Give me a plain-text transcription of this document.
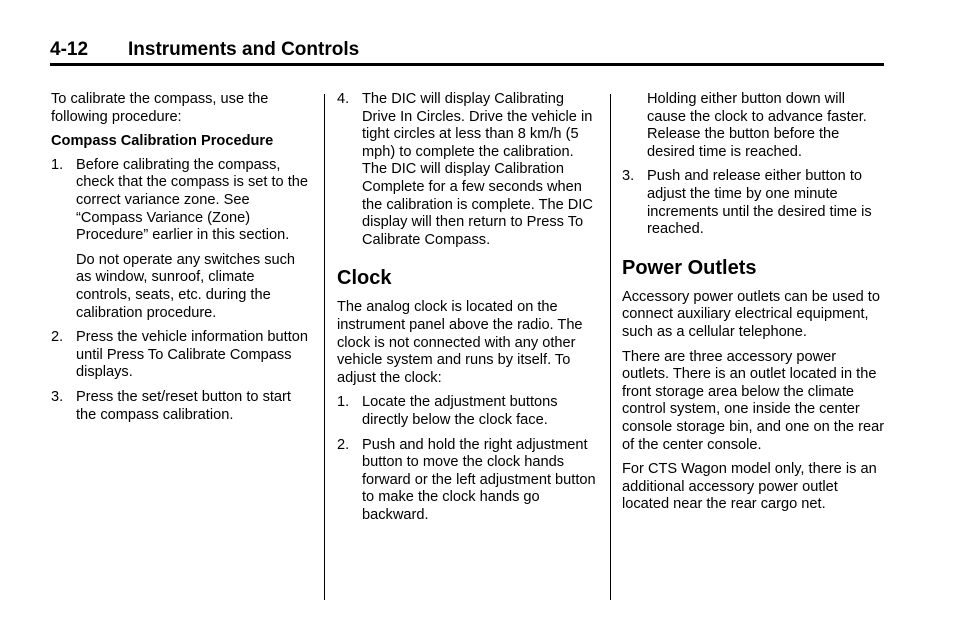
4-12 Instruments and Controls

To calibrate the compass, use the following procedure:

Compass Calibration Procedure
1. Before calibrating the compass, check that the compass is set to the correct variance zone. See “Compass Variance (Zone) Procedure” earlier in this section.
Do not operate any switches such as window, sunroof, climate controls, seats, etc. during the calibration procedure.
2. Press the vehicle information button until Press To Calibrate Compass displays.
3. Press the set/reset button to start the compass calibration.
4. The DIC will display Calibrating Drive In Circles. Drive the vehicle in tight circles at less than 8 km/h (5 mph) to complete the calibration. The DIC will display Calibration Complete for a few seconds when the calibration is complete. The DIC display will then return to Press To Calibrate Compass.
Clock

The analog clock is located on the instrument panel above the radio. The clock is not connected with any other vehicle system and runs by itself. To adjust the clock:

1. Locate the adjustment buttons directly below the clock face.
2. Push and hold the right adjustment button to move the clock hands forward or the left adjustment button to make the clock hands go backward.
Holding either button down will cause the clock to advance faster. Release the button before the desired time is reached.
3. Push and release either button to adjust the time by one minute increments until the desired time is reached.
Power Outlets

Accessory power outlets can be used to connect auxiliary electrical equipment, such as a cellular telephone.

There are three accessory power outlets. There is an outlet located in the front storage area below the climate control system, one inside the center console storage bin, and one on the rear of the center console.

For CTS Wagon model only, there is an additional accessory power outlet located near the rear cargo net.
